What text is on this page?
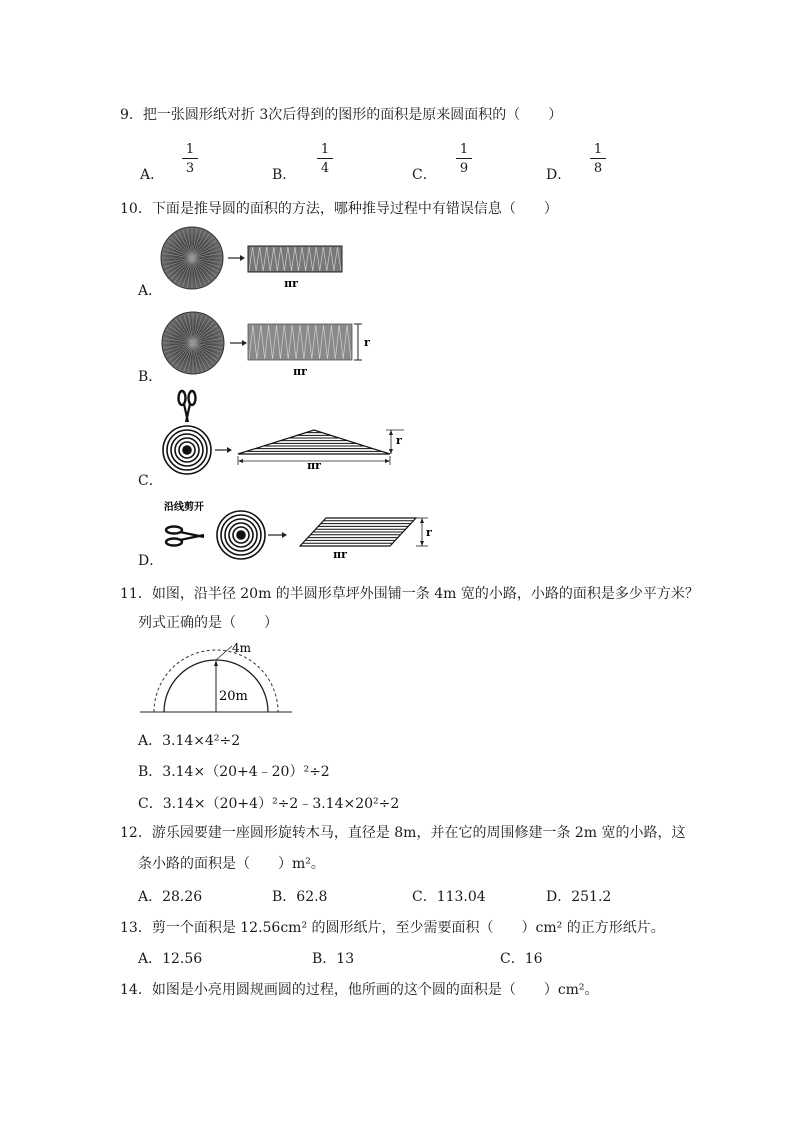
9．把一张圆形纸对折 3次后得到的图形的面积是原来圆面积的（　　）
A． $\frac{1}{3}$	B． $\frac{1}{4}$	C． $\frac{1}{9}$	D． $\frac{1}{8}$
10．下面是推导圆的面积的方法，哪种推导过程中有错误信息（　　）
A．	πr
B．
r
πr
C．
πr
r
D．
沿线剪开
r
πr
11．如图，沿半径 20m 的半圆形草坪外围铺一条 4m 宽的小路，小路的面积是多少平方米？
列式正确的是（　　）
4m
20m
A．3.14×4²÷2
B．3.14×（20+4﹣20）²÷2
C．3.14×（20+4）²÷2﹣3.14×20²÷2
12．游乐园要建一座圆形旋转木马，直径是 8m，并在它的周围修建一条 2m 宽的小路，这
条小路的面积是（　　）m²。
A．28.26	B．62.8	C．113.04	D．251.2
13．剪一个面积是 12.56cm² 的圆形纸片，至少需要面积（　　）cm² 的正方形纸片。
A．12.56	B．13	C．16
14．如图是小亮用圆规画圆的过程，他所画的这个圆的面积是（　　）cm²。
